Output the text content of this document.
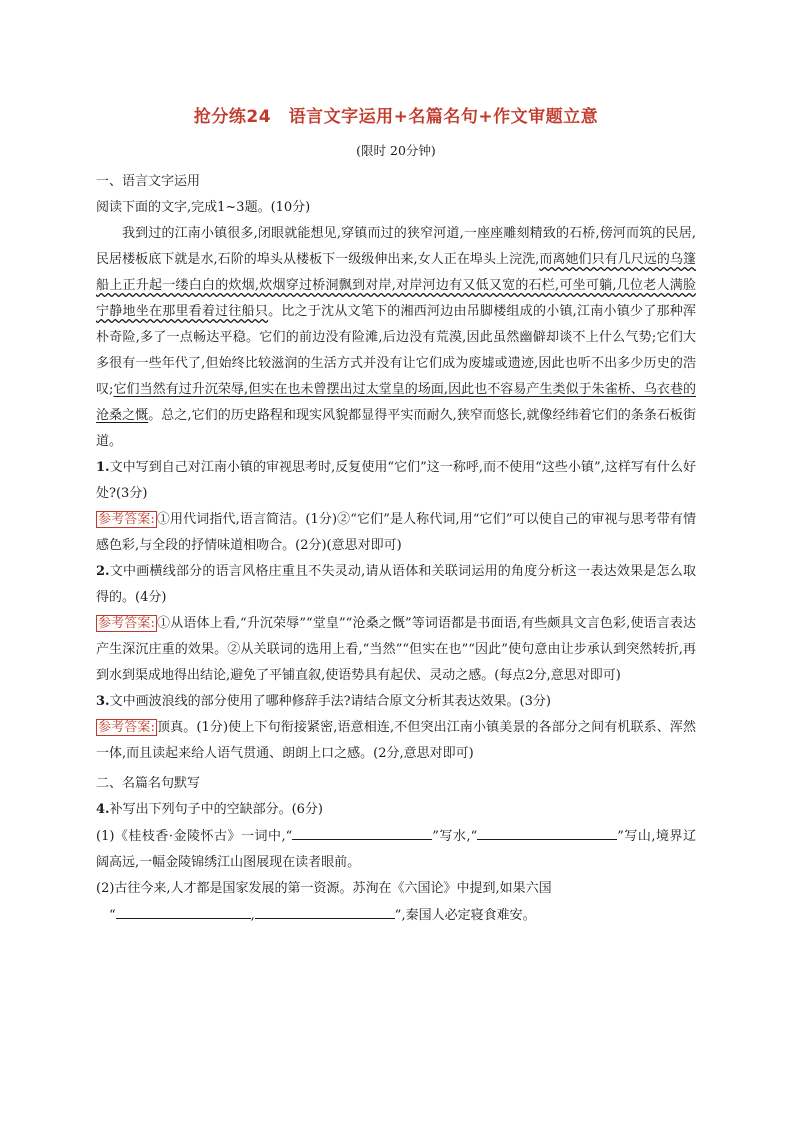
抢分练24　语言文字运用+名篇名句+作文审题立意
(限时 20分钟)

一、语言文字运用

阅读下面的文字,完成1~3题。(10分)

我到过的江南小镇很多,闭眼就能想见,穿镇而过的狭窄河道,一座座雕刻精致的石桥,傍河而筑的民居,民居楼板底下就是水,石阶的埠头从楼板下一级级伸出来,女人正在埠头上浣洗,而离她们只有几尺远的乌篷船上正升起一缕白白的炊烟,炊烟穿过桥洞飘到对岸,对岸河边有又低又宽的石栏,可坐可躺,几位老人满脸宁静地坐在那里看着过往船只。比之于沈从文笔下的湘西河边由吊脚楼组成的小镇,江南小镇少了那种浑朴奇险,多了一点畅达平稳。它们的前边没有险滩,后边没有荒漠,因此虽然幽僻却谈不上什么气势;它们大多很有一些年代了,但始终比较滋润的生活方式并没有让它们成为废墟或遗迹,因此也听不出多少历史的浩叹;它们当然有过升沉荣辱,但实在也未曾摆出过太堂皇的场面,因此也不容易产生类似于朱雀桥、乌衣巷的沧桑之慨。总之,它们的历史路程和现实风貌都显得平实而耐久,狭窄而悠长,就像经纬着它们的条条石板街道。

1.文中写到自己对江南小镇的审视思考时,反复使用“它们”这一称呼,而不使用“这些小镇”,这样写有什么好处?(3分)

参考答案: ①用代词指代,语言简洁。(1分)②“它们”是人称代词,用“它们”可以使自己的审视与思考带有情感色彩,与全段的抒情味道相吻合。(2分)(意思对即可)

2.文中画横线部分的语言风格庄重且不失灵动,请从语体和关联词运用的角度分析这一表达效果是怎么取得的。(4分)

参考答案: ①从语体上看,“升沉荣辱”“堂皇”“沧桑之慨”等词语都是书面语,有些颇具文言色彩,使语言表达产生深沉庄重的效果。②从关联词的选用上看,“当然”“但实在也”“因此”使句意由让步承认到突然转折,再到水到渠成地得出结论,避免了平铺直叙,使语势具有起伏、灵动之感。(每点2分,意思对即可)

3.文中画波浪线的部分使用了哪种修辞手法?请结合原文分析其表达效果。(3分)

参考答案: 顶真。(1分)使上下句衔接紧密,语意相连,不但突出江南小镇美景的各部分之间有机联系、浑然一体,而且读起来给人语气贯通、朗朗上口之感。(2分,意思对即可)

二、名篇名句默写

4.补写出下列句子中的空缺部分。(6分)

(1)《桂枝香·金陵怀古》一词中,“	”写水,“	”写山,境界辽阔高远,一幅金陵锦绣江山图展现在读者眼前。

(2)古往今来,人才都是国家发展的第一资源。苏洵在《六国论》中提到,如果六国
“	,	”,秦国人必定寝食难安。
